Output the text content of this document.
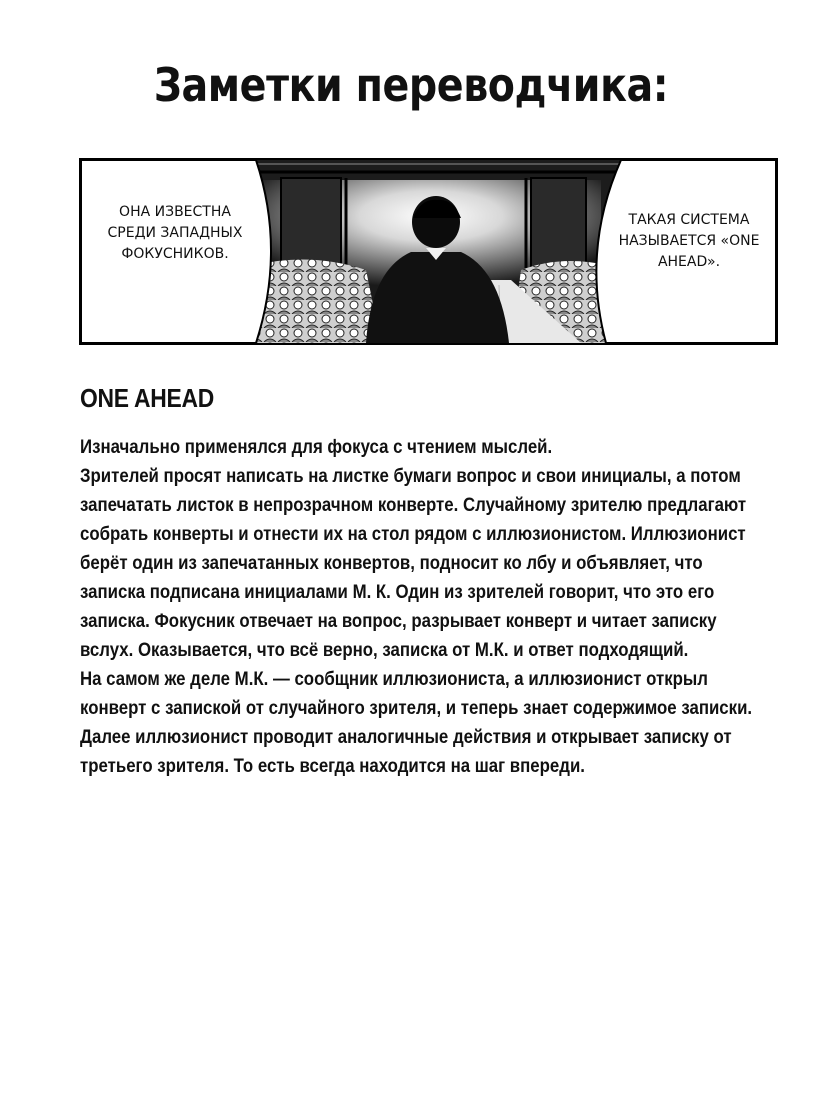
Заметки переводчика:
ОНА ИЗВЕСТНА СРЕДИ ЗАПАДНЫХ ФОКУСНИКОВ.
ТАКАЯ СИСТЕМА НАЗЫВАЕТСЯ «ONE AHEAD».
ONE AHEAD

Изначально применялся для фокуса с чтением мыслей.

Зрителей просят написать на листке бумаги вопрос и свои инициалы, а потом

запечатать листок в непрозрачном конверте. Случайному зрителю предлагают

собрать конверты и отнести их на стол рядом с иллюзионистом. Иллюзионист

берёт один из запечатанных конвертов, подносит ко лбу и объявляет, что

записка подписана инициалами М. К. Один из зрителей говорит, что это его

записка. Фокусник отвечает на вопрос, разрывает конверт и читает записку

вслух. Оказывается, что всё верно, записка от М.К. и ответ подходящий.

На самом же деле М.К. — сообщник иллюзиониста, а иллюзионист открыл

конверт с запиской от случайного зрителя, и теперь знает содержимое записки.

Далее иллюзионист проводит аналогичные действия и открывает записку от

третьего зрителя. То есть всегда находится на шаг впереди.
